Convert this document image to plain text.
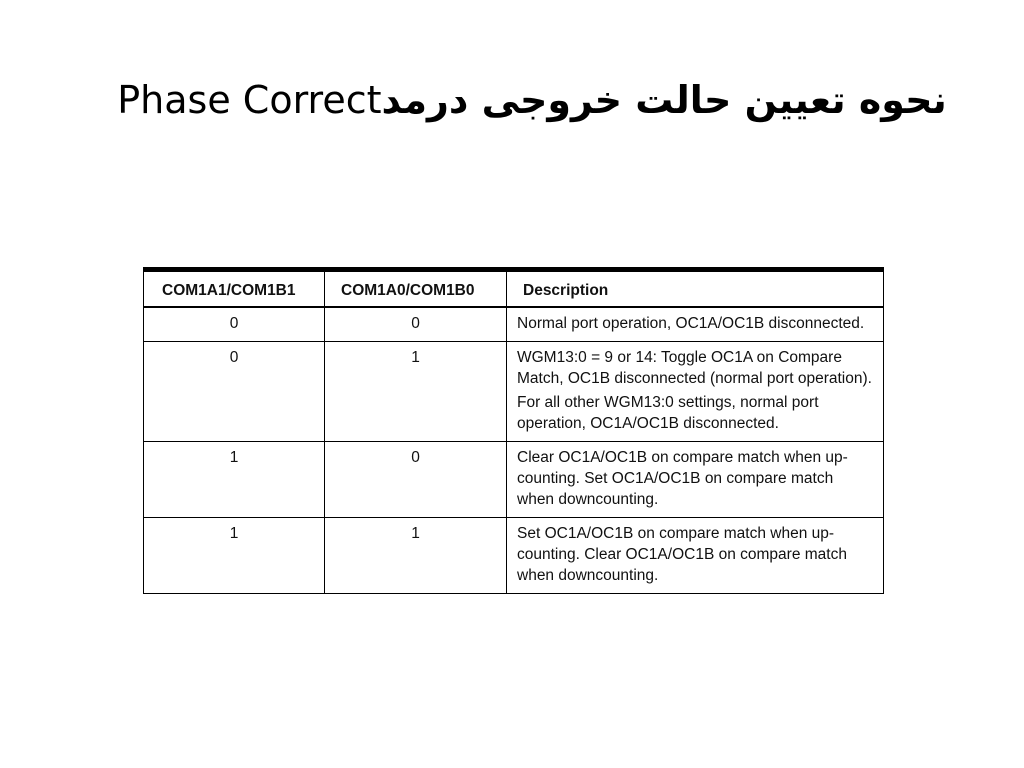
Phase Correctنحوه تعیین حالت خروجی درمد
COM1A1/COM1B1	COM1A0/COM1B0	Description
0	0	Normal port operation, OC1A/OC1B disconnected.

0	1	WGM13:0 = 9 or 14: Toggle OC1A on Compare Match, OC1B disconnected (normal port operation).

For all other WGM13:0 settings, normal port operation, OC1A/OC1B disconnected.

1	0	Clear OC1A/OC1B on compare match when up-counting. Set OC1A/OC1B on compare match when downcounting.

1	1	Set OC1A/OC1B on compare match when up-counting. Clear OC1A/OC1B on compare match when downcounting.
